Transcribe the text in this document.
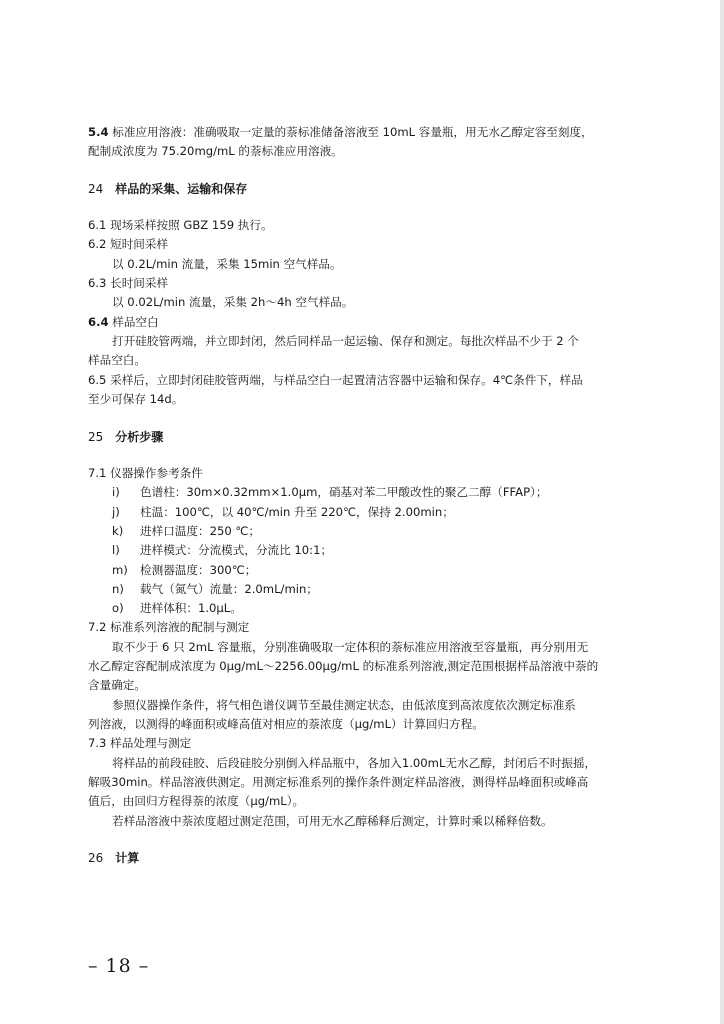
5.4 标准应用溶液：准确吸取一定量的萘标准储备溶液至 10mL 容量瓶，用无水乙醇定容至刻度，
配制成浓度为 75.20mg/mL 的萘标准应用溶液。
24 样品的采集、运输和保存
6.1 现场采样按照 GBZ 159 执行。
6.2 短时间采样
以 0.2L/min 流量，采集 15min 空气样品。
6.3 长时间采样
以 0.02L/min 流量，采集 2h～4h 空气样品。
6.4 样品空白
打开硅胶管两端，并立即封闭，然后同样品一起运输、保存和测定。每批次样品不少于 2 个
样品空白。
6.5 采样后，立即封闭硅胶管两端，与样品空白一起置清洁容器中运输和保存。4℃条件下，样品
至少可保存 14d。
25 分析步骤
7.1 仪器操作参考条件
i) 色谱柱：30m×0.32mm×1.0μm，硝基对苯二甲酸改性的聚乙二醇（FFAP）；
j) 柱温：100℃，以 40℃/min 升至 220℃，保持 2.00min；
k) 进样口温度：250 ℃；
l) 进样模式：分流模式，分流比 10:1；
m) 检测器温度：300℃；
n) 载气（氮气）流量：2.0mL/min；
o) 进样体积：1.0μL。
7.2 标准系列溶液的配制与测定
取不少于 6 只 2mL 容量瓶，分别准确吸取一定体积的萘标准应用溶液至容量瓶，再分别用无
水乙醇定容配制成浓度为 0μg/mL～2256.00μg/mL 的标准系列溶液,测定范围根据样品溶液中萘的
含量确定。
参照仪器操作条件，将气相色谱仪调节至最佳测定状态，由低浓度到高浓度依次测定标准系
列溶液，以测得的峰面积或峰高值对相应的萘浓度（μg/mL）计算回归方程。
7.3 样品处理与测定
将样品的前段硅胶、后段硅胶分别倒入样品瓶中，各加入1.00mL无水乙醇，封闭后不时振摇，
解吸30min。样品溶液供测定。用测定标准系列的操作条件测定样品溶液，测得样品峰面积或峰高
值后，由回归方程得萘的浓度（μg/mL）。
若样品溶液中萘浓度超过测定范围，可用无水乙醇稀释后测定，计算时乘以稀释倍数。
26 计算
– 18 –
